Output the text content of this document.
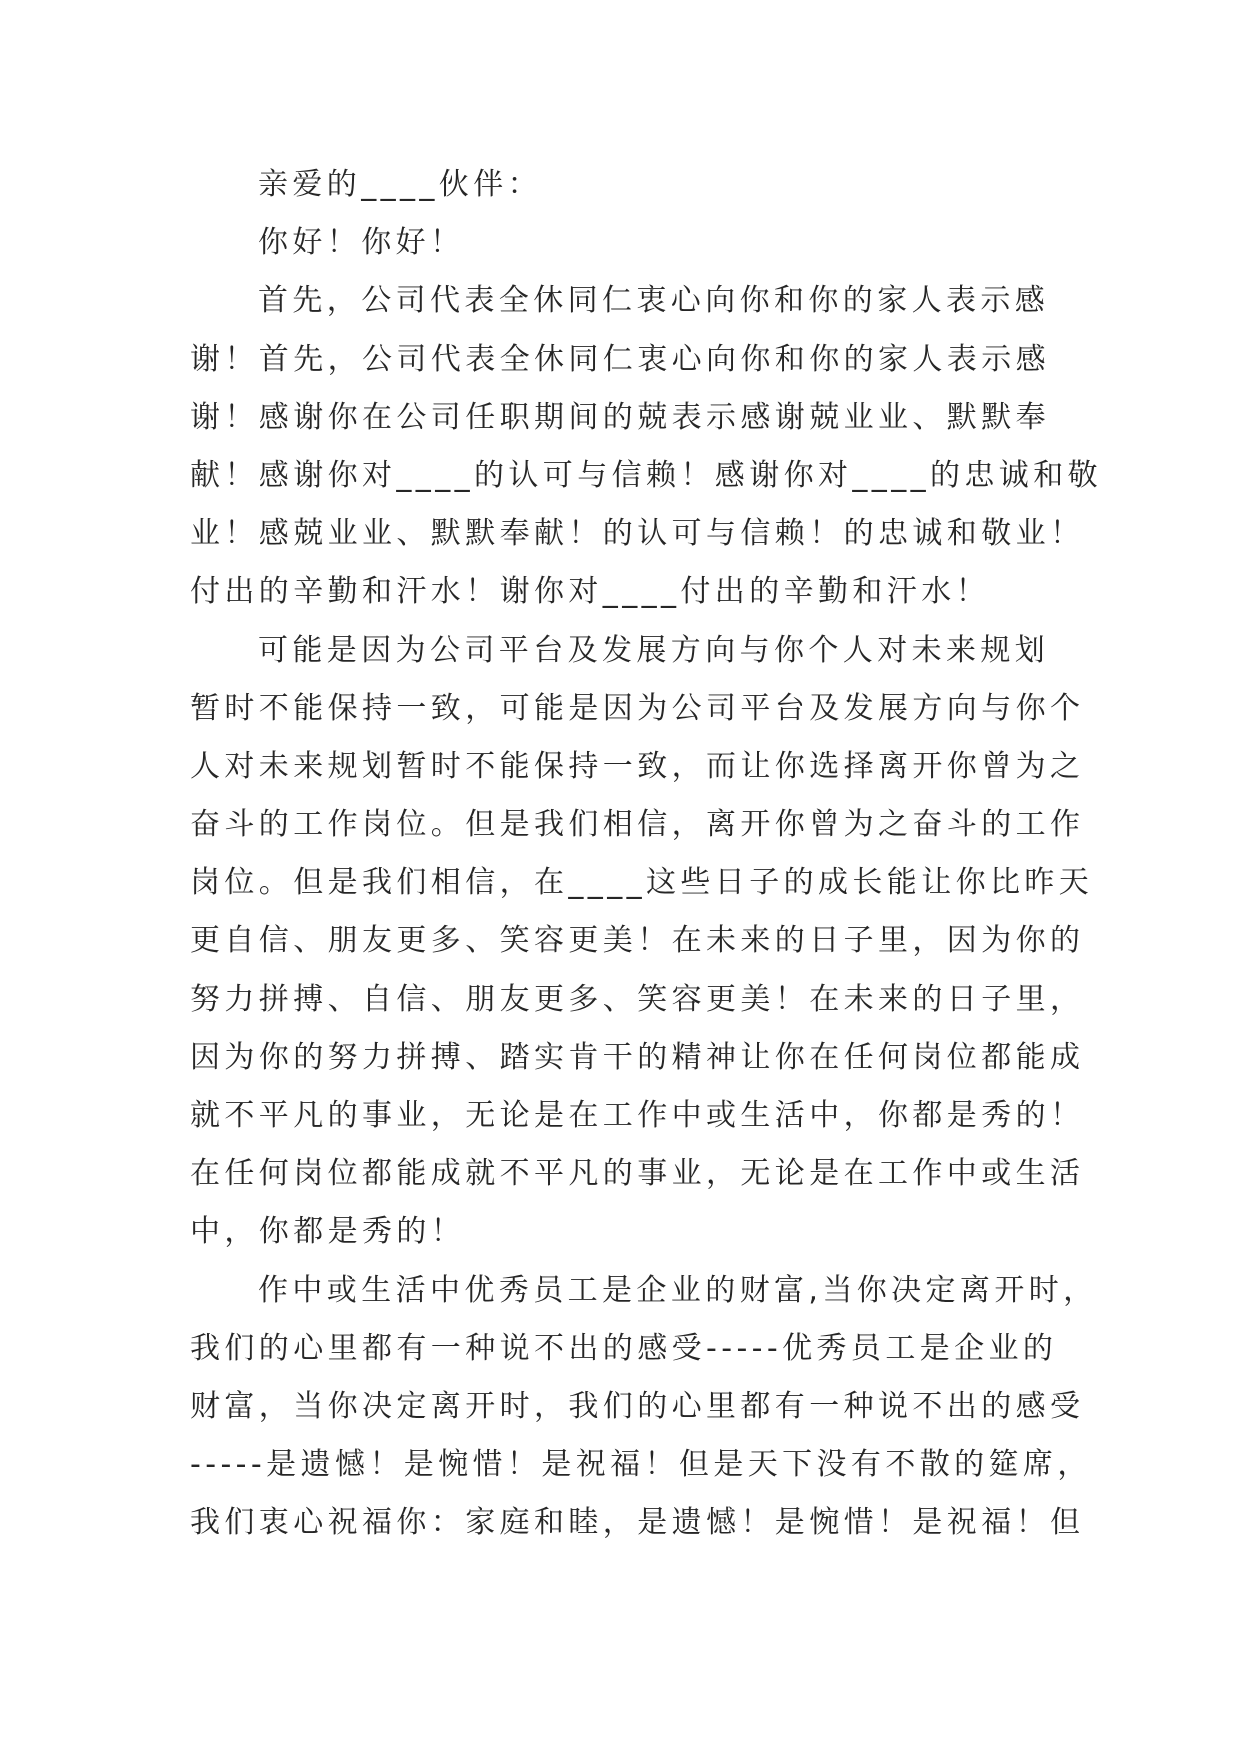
亲爱的____伙伴：
你好！你好！
首先，公司代表全休同仁衷心向你和你的家人表示感
谢！首先，公司代表全休同仁衷心向你和你的家人表示感
谢！感谢你在公司任职期间的兢表示感谢兢业业、默默奉
献！感谢你对____的认可与信赖！感谢你对____的忠诚和敬
业！感兢业业、默默奉献！的认可与信赖！的忠诚和敬业！
付出的辛勤和汗水！谢你对____付出的辛勤和汗水！
可能是因为公司平台及发展方向与你个人对未来规划
暂时不能保持一致，可能是因为公司平台及发展方向与你个
人对未来规划暂时不能保持一致，而让你选择离开你曾为之
奋斗的工作岗位。但是我们相信，离开你曾为之奋斗的工作
岗位。但是我们相信，在____这些日子的成长能让你比昨天
更自信、朋友更多、笑容更美！在未来的日子里，因为你的
努力拼搏、自信、朋友更多、笑容更美！在未来的日子里，
因为你的努力拼搏、踏实肯干的精神让你在任何岗位都能成
就不平凡的事业，无论是在工作中或生活中，你都是秀的！
在任何岗位都能成就不平凡的事业，无论是在工作中或生活
中，你都是秀的！
作中或生活中优秀员工是企业的财富,当你决定离开时，
我们的心里都有一种说不出的感受-----优秀员工是企业的
财富，当你决定离开时，我们的心里都有一种说不出的感受
-----是遗憾！是惋惜！是祝福！但是天下没有不散的筵席，
我们衷心祝福你：家庭和睦，是遗憾！是惋惜！是祝福！但
